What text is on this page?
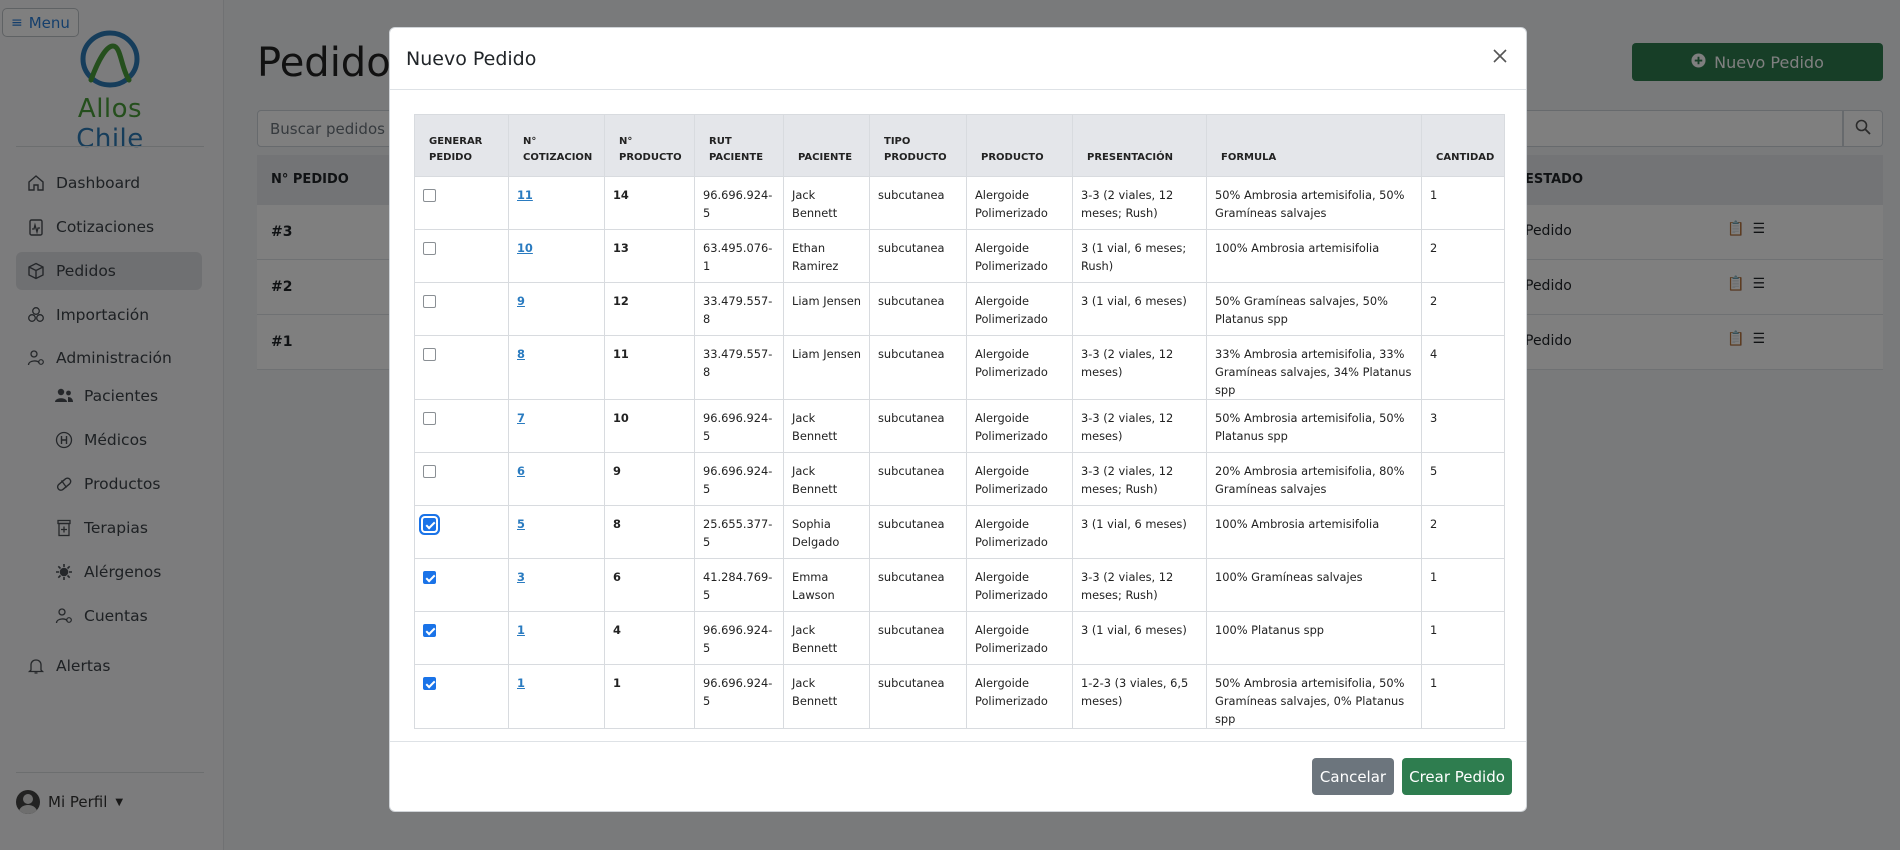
Nuevo Pedido
GENERAR PEDIDO	N° COTIZACION	N° PRODUCTO	RUT PACIENTE	PACIENTE	TIPO PRODUCTO	PRODUCTO	PRESENTACIÓN	FORMULA	CANTIDAD
	11	14	96.696.924-5	Jack Bennett	subcutanea	Alergoide Polimerizado	3-3 (2 viales, 12 meses; Rush)	50% Ambrosia artemisifolia, 50% Gramíneas salvajes	1
	10	13	63.495.076-1	Ethan Ramirez	subcutanea	Alergoide Polimerizado	3 (1 vial, 6 meses; Rush)	100% Ambrosia artemisifolia	2
	9	12	33.479.557-8	Liam Jensen	subcutanea	Alergoide Polimerizado	3 (1 vial, 6 meses)	50% Gramíneas salvajes, 50% Platanus spp	2
	8	11	33.479.557-8	Liam Jensen	subcutanea	Alergoide Polimerizado	3-3 (2 viales, 12 meses)	33% Ambrosia artemisifolia, 33% Gramíneas salvajes, 34% Platanus spp	4
	7	10	96.696.924-5	Jack Bennett	subcutanea	Alergoide Polimerizado	3-3 (2 viales, 12 meses)	50% Ambrosia artemisifolia, 50% Platanus spp	3
	6	9	96.696.924-5	Jack Bennett	subcutanea	Alergoide Polimerizado	3-3 (2 viales, 12 meses; Rush)	20% Ambrosia artemisifolia, 80% Gramíneas salvajes	5
	5	8	25.655.377-5	Sophia Delgado	subcutanea	Alergoide Polimerizado	3 (1 vial, 6 meses)	100% Ambrosia artemisifolia	2
	3	6	41.284.769-5	Emma Lawson	subcutanea	Alergoide Polimerizado	3-3 (2 viales, 12 meses; Rush)	100% Gramíneas salvajes	1
	1	4	96.696.924-5	Jack Bennett	subcutanea	Alergoide Polimerizado	3 (1 vial, 6 meses)	100% Platanus spp	1
	1	1	96.696.924-5	Jack Bennett	subcutanea	Alergoide Polimerizado	1-2-3 (3 viales, 6,5 meses)	50% Ambrosia artemisifolia, 50% Gramíneas salvajes, 0% Platanus spp	1
Cancelar	Crear Pedido
